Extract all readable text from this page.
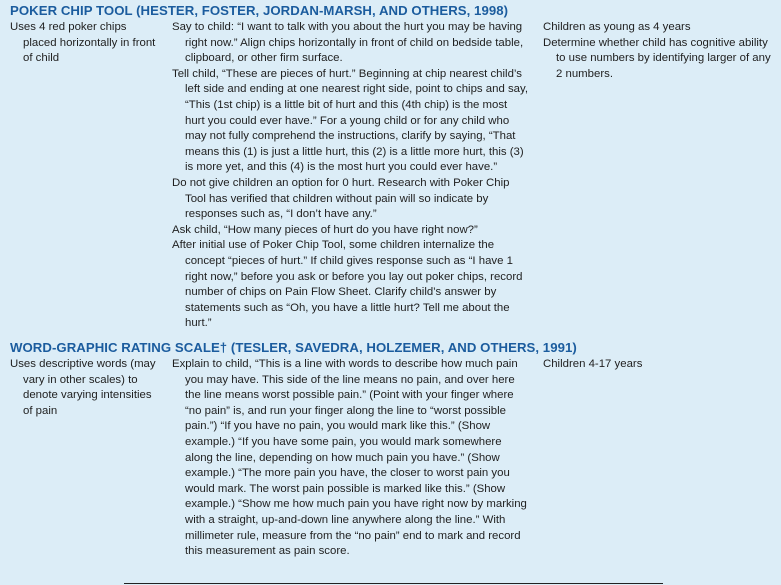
POKER CHIP TOOL (HESTER, FOSTER, JORDAN-MARSH, AND OTHERS, 1998)

Uses 4 red poker chips placed horizontally in front of child

Say to child: “I want to talk with you about the hurt you may be having right now.” Align chips horizontally in front of child on bedside table, clipboard, or other firm surface.

Tell child, “These are pieces of hurt.” Beginning at chip nearest child’s left side and ending at one nearest right side, point to chips and say, “This (1st chip) is a little bit of hurt and this (4th chip) is the most hurt you could ever have.” For a young child or for any child who may not fully comprehend the instructions, clarify by saying, “That means this (1) is just a little hurt, this (2) is a little more hurt, this (3) is more yet, and this (4) is the most hurt you could ever have.”

Do not give children an option for 0 hurt. Research with Poker Chip Tool has verified that children without pain will so indicate by responses such as, “I don’t have any.”

Ask child, “How many pieces of hurt do you have right now?”

After initial use of Poker Chip Tool, some children internalize the concept “pieces of hurt.” If child gives response such as “I have 1 right now,” before you ask or before you lay out poker chips, record number of chips on Pain Flow Sheet. Clarify child’s answer by statements such as “Oh, you have a little hurt? Tell me about the hurt.”

Children as young as 4 years

Determine whether child has cognitive ability to use numbers by identifying larger of any 2 numbers.

WORD-GRAPHIC RATING SCALE† (TESLER, SAVEDRA, HOLZEMER, AND OTHERS, 1991)

Uses descriptive words (may vary in other scales) to denote varying intensities of pain

Explain to child, “This is a line with words to describe how much pain you may have. This side of the line means no pain, and over here the line means worst possible pain.” (Point with your finger where “no pain” is, and run your finger along the line to “worst possible pain.”) “If you have no pain, you would mark like this.” (Show example.) “If you have some pain, you would mark somewhere along the line, depending on how much pain you have.” (Show example.) “The more pain you have, the closer to worst pain you would mark. The worst pain possible is marked like this.” (Show example.) “Show me how much pain you have right now by marking with a straight, up-and-down line anywhere along the line.” With millimeter rule, measure from the “no pain” end to mark and record this measurement as pain score.

Children 4-17 years
